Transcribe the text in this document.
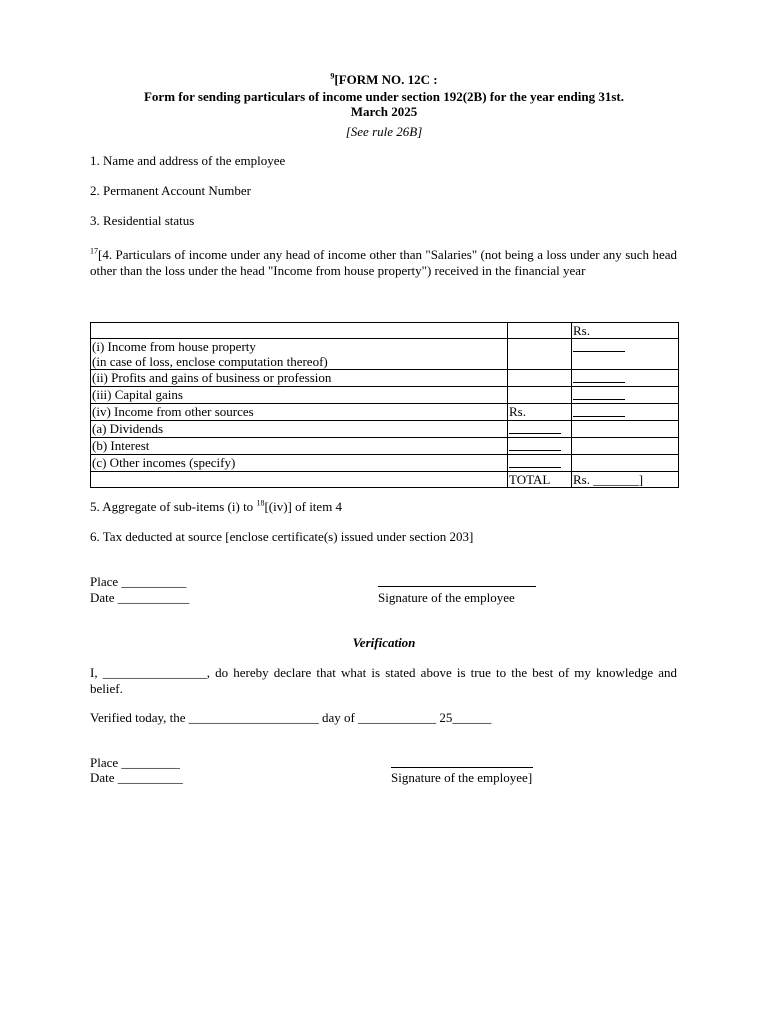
$^9$[FORM NO. 12C :
Form for sending particulars of income under section 192(2B) for the year ending 31st.
March 2025
[See rule 26B]
1. Name and address of the employee
2. Permanent Account Number
3. Residential status
$^{17}$[4. Particulars of income under any head of income other than "Salaries" (not being a loss under any such head other than the loss under the head "Income from house property") received in the financial year
		Rs.

(i) Income from house property
(in case of loss, enclose computation thereof)		

(ii) Profits and gains of business or profession		
(iii) Capital gains		
(iv) Income from other sources	Rs.	
(a) Dividends		
(b) Interest		
(c) Other incomes (specify)		
	TOTAL	Rs. _______]
5. Aggregate of sub-items (i) to $^{18}$[(iv)] of item 4
6. Tax deducted at source [enclose certificate(s) issued under section 203]
Place __________
Date ___________	Signature of the employee
Verification
I, ________________, do hereby declare that what is stated above is true to the best of my knowledge and belief.
Verified today, the ____________________ day of ____________ 25______
Place _________
Date __________	Signature of the employee]
